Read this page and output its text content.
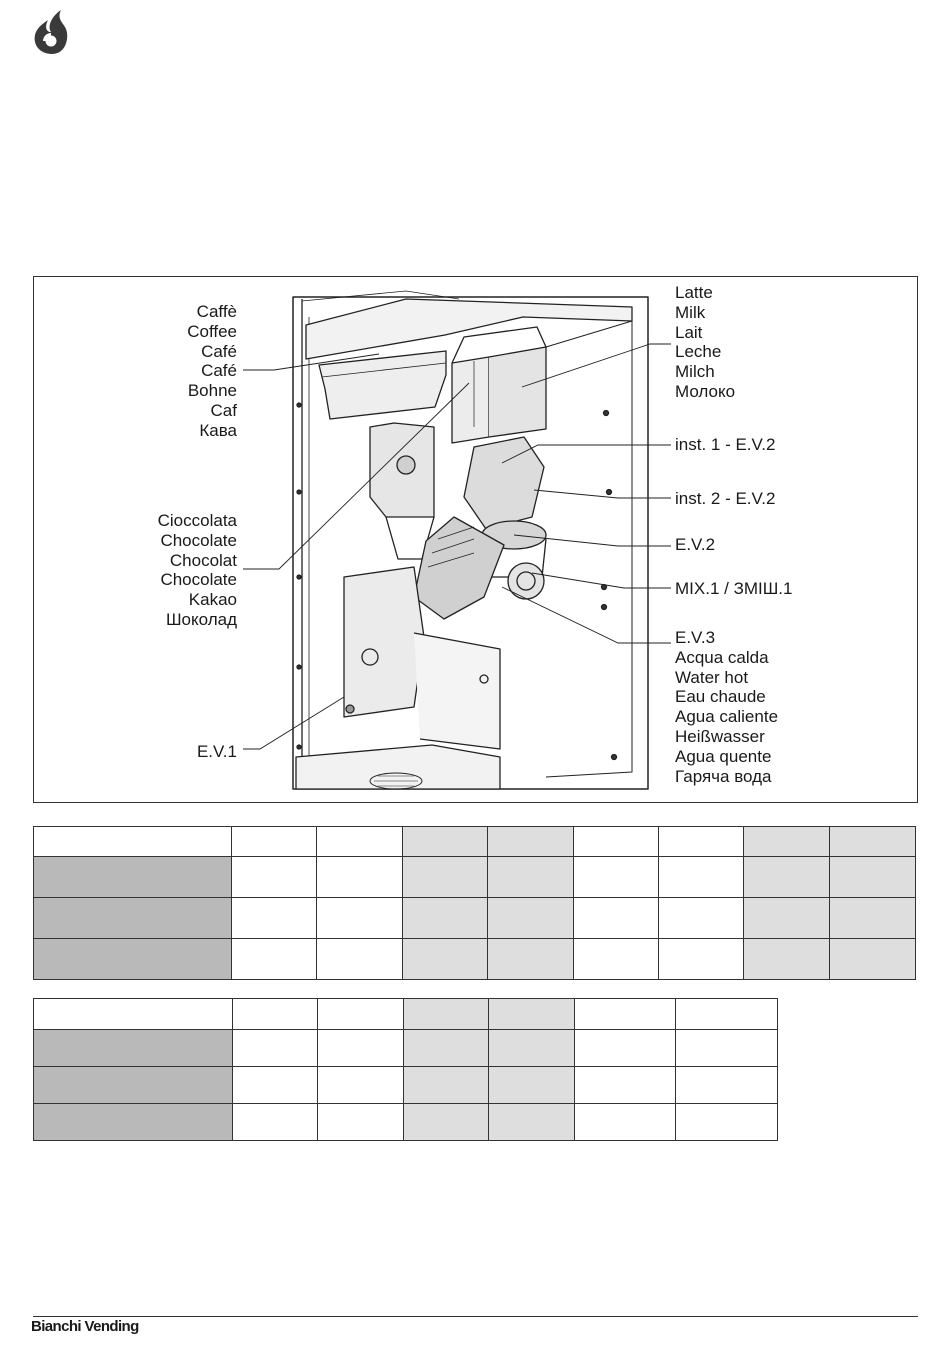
Caffè
Coffee
Café
Café
Bohne
Caf
Кава
Cioccolata
Chocolate
Chocolat
Chocolate
Kakao
Шоколад
E.V.1
Latte
Milk
Lait
Leche
Milch
Молоко
inst. 1 - E.V.2
inst. 2 - E.V.2
E.V.2
MIX.1 / ЗМІШ.1
E.V.3
Acqua calda
Water hot
Eau chaude
Agua caliente
Heißwasser
Agua quente
Гаряча вода

Bianchi Vending
